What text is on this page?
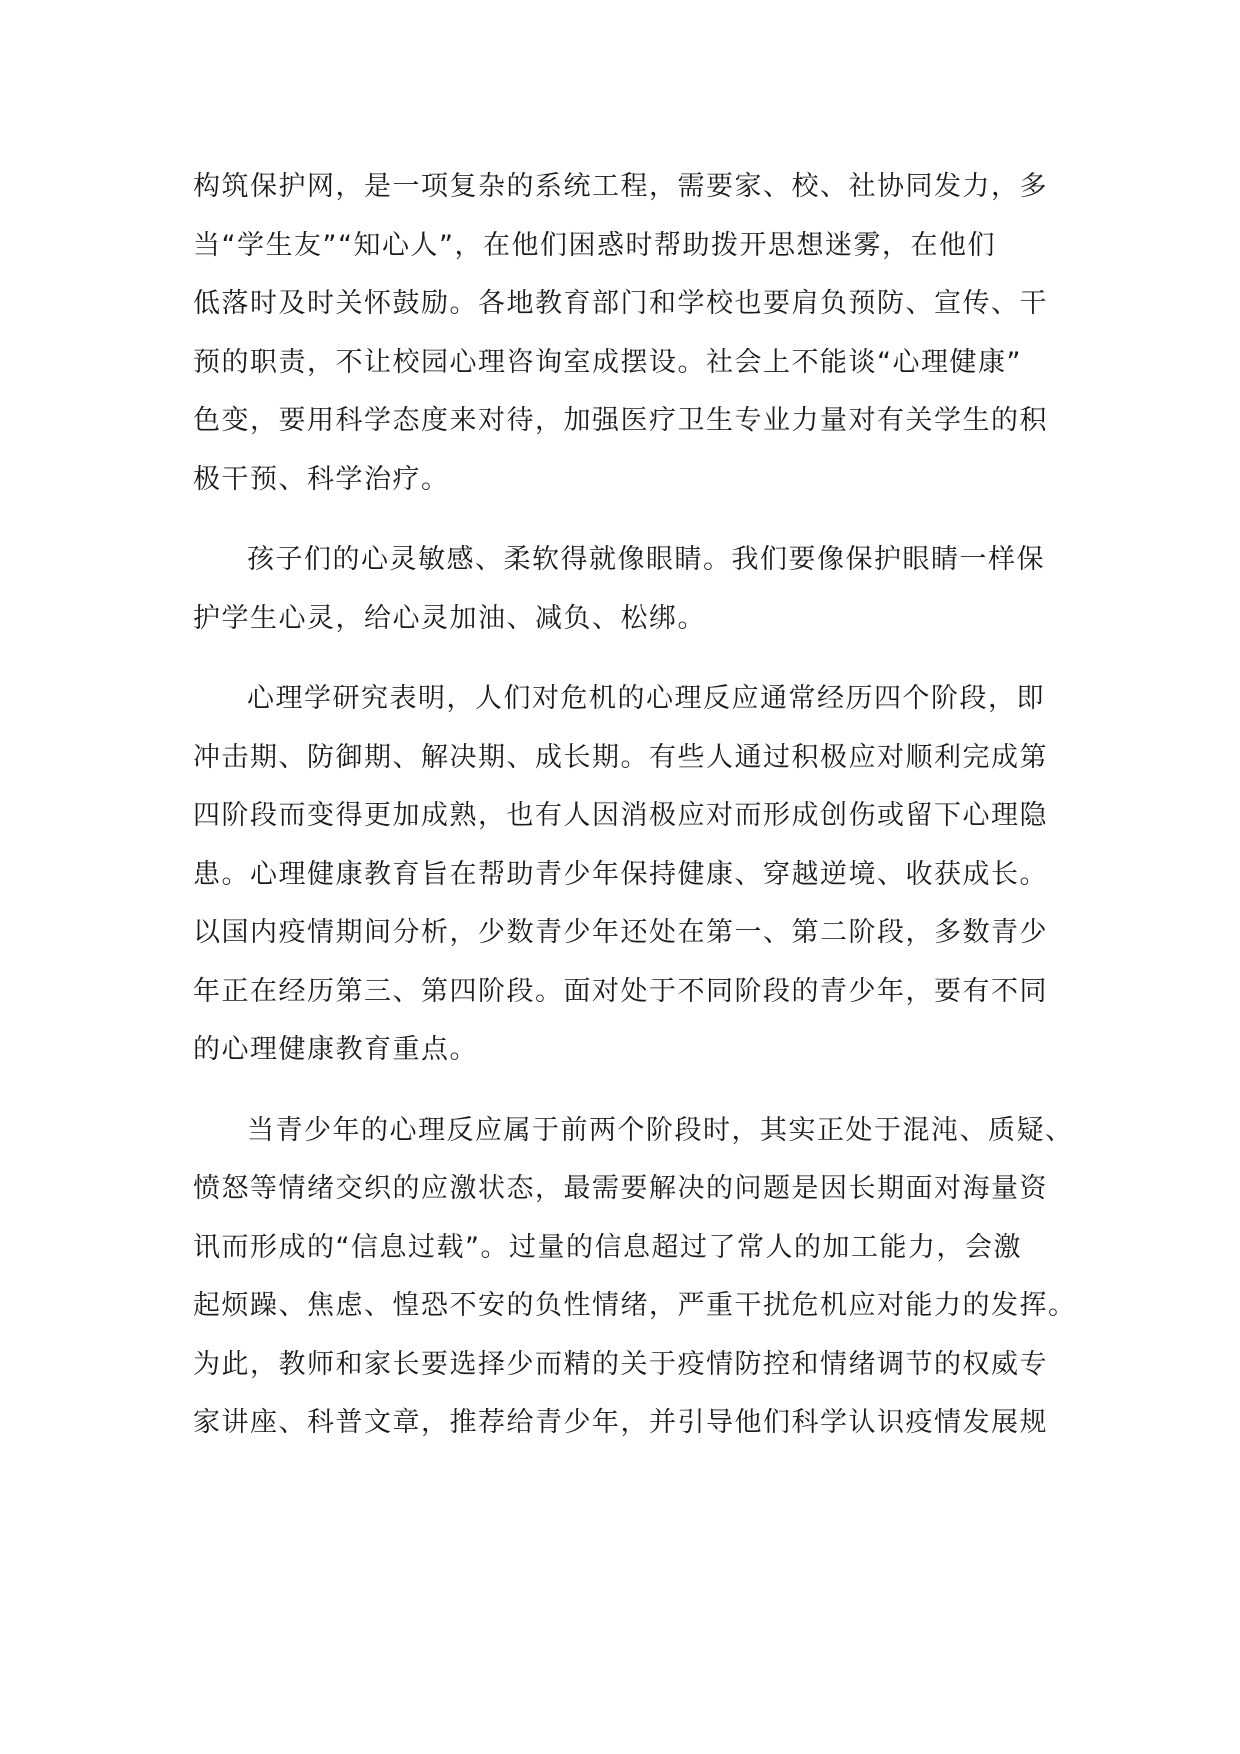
构筑保护网，是一项复杂的系统工程，需要家、校、社协同发力，多
当“学生友”“知心人”，在他们困惑时帮助拨开思想迷雾，在他们
低落时及时关怀鼓励。各地教育部门和学校也要肩负预防、宣传、干
预的职责，不让校园心理咨询室成摆设。社会上不能谈“心理健康”
色变，要用科学态度来对待，加强医疗卫生专业力量对有关学生的积
极干预、科学治疗。

孩子们的心灵敏感、柔软得就像眼睛。我们要像保护眼睛一样保
护学生心灵，给心灵加油、减负、松绑。

心理学研究表明，人们对危机的心理反应通常经历四个阶段，即
冲击期、防御期、解决期、成长期。有些人通过积极应对顺利完成第
四阶段而变得更加成熟，也有人因消极应对而形成创伤或留下心理隐
患。心理健康教育旨在帮助青少年保持健康、穿越逆境、收获成长。
以国内疫情期间分析，少数青少年还处在第一、第二阶段，多数青少
年正在经历第三、第四阶段。面对处于不同阶段的青少年，要有不同
的心理健康教育重点。

当青少年的心理反应属于前两个阶段时，其实正处于混沌、质疑、
愤怒等情绪交织的应激状态，最需要解决的问题是因长期面对海量资
讯而形成的“信息过载”。过量的信息超过了常人的加工能力，会激
起烦躁、焦虑、惶恐不安的负性情绪，严重干扰危机应对能力的发挥。
为此，教师和家长要选择少而精的关于疫情防控和情绪调节的权威专
家讲座、科普文章，推荐给青少年，并引导他们科学认识疫情发展规
